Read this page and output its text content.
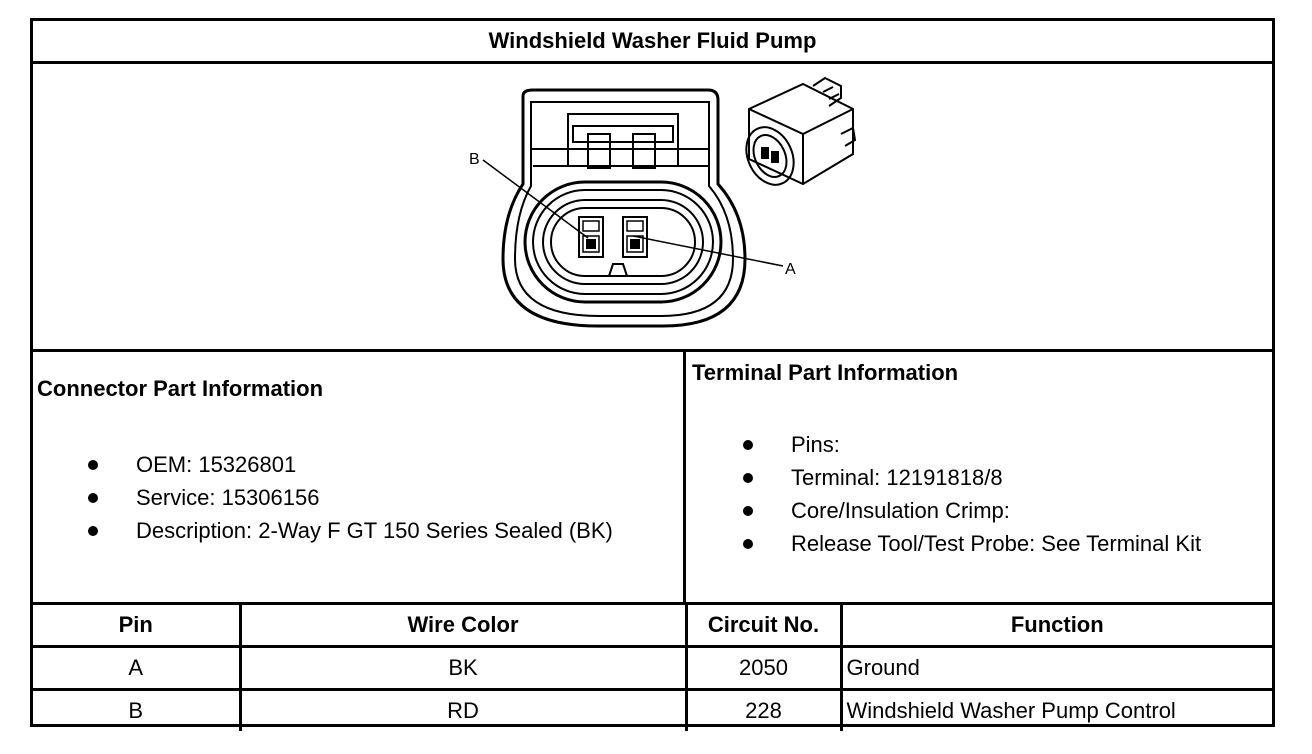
Windshield Washer Fluid Pump
B
A
Connector Part Information
OEM: 15326801
Service: 15306156
Description: 2-Way F GT 150 Series Sealed (BK)
Terminal Part Information
Pins:
Terminal: 12191818/8
Core/Insulation Crimp:
Release Tool/Test Probe: See Terminal Kit
Pin	Wire Color	Circuit No.	Function
A	BK	2050	Ground
B	RD	228	Windshield Washer Pump Control
